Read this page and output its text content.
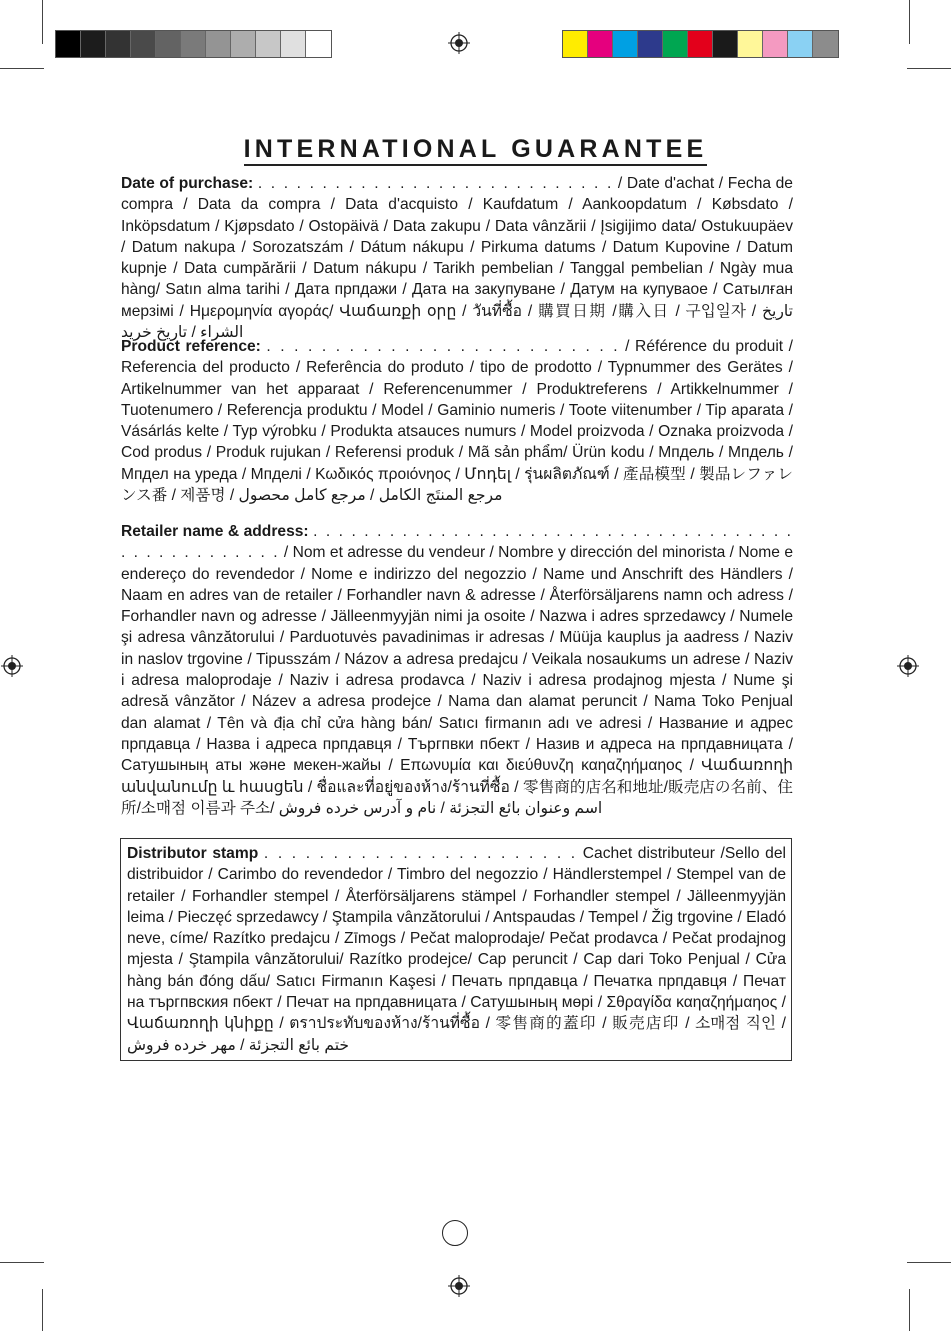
INTERNATIONAL GUARANTEE
Date of purchase: . . . . . . . . . . . . . . . . . . . . . . . . . . . . / Date d'achat / Fecha de compra / Data da compra / Data d'acquisto / Kaufdatum / Aankoopdatum / Købsdato / Inköpsdatum / Kjøpsdato / Ostopäivä / Data zakupu / Data vânzării / Įsigijimo data/ Ostukuupäev / Datum nakupa / Sorozatszám / Dátum nákupu / Pirkuma datums / Datum Kupovine / Datum kupnje / Data cumpărării / Datum nákupu / Tarikh pembelian / Tanggal pembelian / Ngày mua hàng/ Satın alma tarihi / Дата прпдажи / Дата на закупуване / Датум на купуваое / Сатылған мерзімі / Ημερομηνία αγοράς/ Վաճառքի օրը / วันที่ซื้อ / 購買日期 /購入日 / 구입일자 / تاريخ الشراء / تاريخ خريد
Product reference: . . . . . . . . . . . . . . . . . . . . . . . . . . / Référence du produit / Referencia del producto / Referência do produto / tipo de prodotto / Typnummer des Gerätes / Artikelnummer van het apparaat / Referencenummer / Produktreferens / Artikkelnummer / Tuotenumero / Referencja produktu / Model / Gaminio numeris / Toote viitenumber / Tip aparata / Vásárlás kelte / Typ výrobku / Produkta atsauces numurs / Model proizvoda / Oznaka proizvoda / Cod produs / Produk rujukan / Referensi produk / Mã sản phẩm/ Ürün kodu / Мпдель / Мпдель / Мпдел на уреда / Мпделі / Κωδικός προιόνηος / Մոդել / รุ่นผลิตภัณฑ์ / 產品模型 / 製品レファレンス番 / 제품명 / مرجع المنتَج الكامل / مرجع كامل محصول
Retailer name & address: . . . . . . . . . . . . . . . . . . . . . . . . . . . . . . . . . . . . . . . . . . . . . . . . . . . / Nom et adresse du vendeur / Nombre y dirección del minorista / Nome e endereço do revendedor / Nome e indirizzo del negozzio / Name und Anschrift des Händlers / Naam en adres van de retailer / Forhandler navn & adresse / Återförsäljarens namn och adress / Forhandler navn og adresse / Jälleenmyyjän nimi ja osoite / Nazwa i adres sprzedawcy / Numele şi adresa vânzătorului / Parduotuvės pavadinimas ir adresas / Müüja kauplus ja aadress / Naziv in naslov trgovine / Tipusszám / Názov a adresa predajcu / Veikala nosaukums un adrese / Naziv i adresa maloprodaje / Naziv i adresa prodavca / Naziv i adresa prodajnog mjesta / Nume şi adresă vânzător / Název a adresa prodejce / Nama dan alamat peruncit / Nama Toko Penjual dan alamat / Tên và địa chỉ cửa hàng bán/ Satıcı firmanın adı ve adresi / Название и адрес прпдавца / Назва і адреса прпдавця / Търгпвки пбект / Назив и адреса на прпдавницата / Сатушының аты және мекен-жайы / Επωνυμία και διεύθυνζη καηαζηήμαηος / Վաճառողի անվանումը և հասցեն / ชื่อและที่อยู่ของห้าง/ร้านที่ซื้อ / 零售商的店名和地址/販売店の名前、住所/소매점 이름과 주소/ اسم وعنوان بائع التجزئة / نام و آدرس خرده فروش
Distributor stamp . . . . . . . . . . . . . . . . . . . . . . . Cachet distributeur /Sello del distribuidor / Carimbo do revendedor / Timbro del negozzio / Händlerstempel / Stempel van de retailer / Forhandler stempel / Återförsäljarens stämpel / Forhandler stempel / Jälleenmyyjän leima / Pieczęć sprzedawcy / Ştampila vânzătorului / Antspaudas / Tempel / Žig trgovine / Eladó neve, címe/ Razítko predajcu / Zīmogs / Pečat maloprodaje/ Pečat prodavca / Pečat prodajnog mjesta / Ştampila vânzătorului/ Razítko prodejce/ Cap peruncit / Cap dari Toko Penjual / Cửa hàng bán đóng dấu/ Satıcı Firmanın Kaşesi / Печать прпдавца / Печатка прпдавця / Печат на търгпвския пбект / Печат на прпдавницата / Сатушының мөрі / Σθραγίδα καηαζηήμαηος / Վաճառողի կնիքը / ตราประทับของห้าง/ร้านที่ซื้อ / 零售商的蓋印 / 販売店印 / 소매점 직인 / ختم بائع التجزئة / مهر خرده فروش
